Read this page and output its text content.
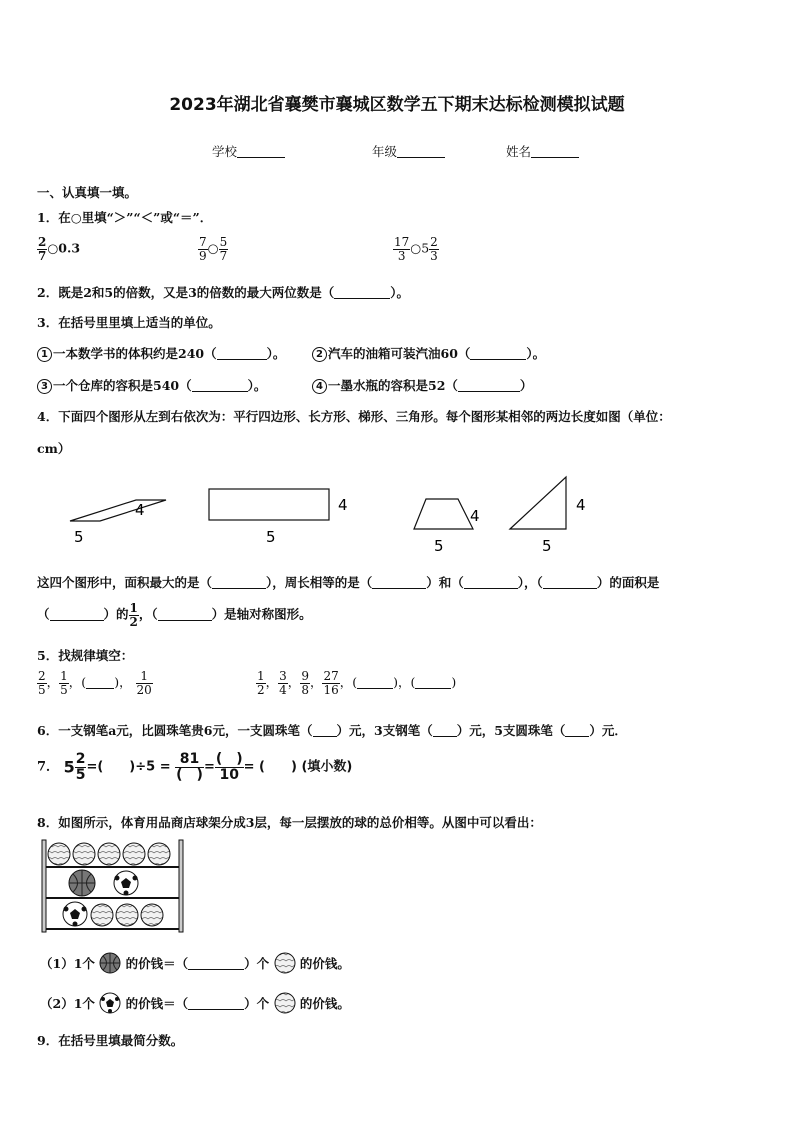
2023年湖北省襄樊市襄城区数学五下期末达标检测模拟试题
学校	年级	姓名
一、认真填一填。
1．在○里填“＞”“＜”或“＝”．
$\frac{2}{7}$ ○0.3	$\frac{7}{9}$ ○ $\frac{5}{7}$	$\frac{17}{3}$ ○5 $\frac{2}{3}$
2．既是2和5的倍数，又是3的倍数的最大两位数是（	）。
3．在括号里里填上适当的单位。
1 一本数学书的体积约是240（	）。	2 汽车的油箱可装汽油60（	）。
3 一个仓库的容积是540（	）。	4 一墨水瓶的容积是52（	）
4．下面四个图形从左到右依次为：平行四边形、长方形、梯形、三角形。每个图形某相邻的两边长度如图（单位：
cm）
4
5
4
5
4
5
4
5
这四个图形中，面积最大的是（	），周长相等的是（	）和（	），（	）的面积是
（	）的 $\frac{1}{2}$ ，（	）是轴对称图形。
5．找规律填空：
$\frac{2}{5}$ ， $\frac{1}{5}$ ，( )， $\frac{1}{20}$	$\frac{1}{2}$ ， $\frac{3}{4}$ ， $\frac{9}{8}$ ， $\frac{27}{16}$ ，(	)，(	)
6．一支钢笔a元，比圆珠笔贵6元，一支圆珠笔（ ）元，3支钢笔（ ）元，5支圆珠笔（ ）元．
7． $5 \frac{2}{5}$ =(　　)$\div 5 = \frac{81}{( )} = \frac{( )}{10}$ = (　　) (填小数)
8．如图所示，体育用品商店球架分成3层，每一层摆放的球的总价相等。从图中可以看出：
（1）1个 的价钱＝（	）个 的价钱。
（2）1个 的价钱＝（	）个 的价钱。
9．在括号里填最简分数。
